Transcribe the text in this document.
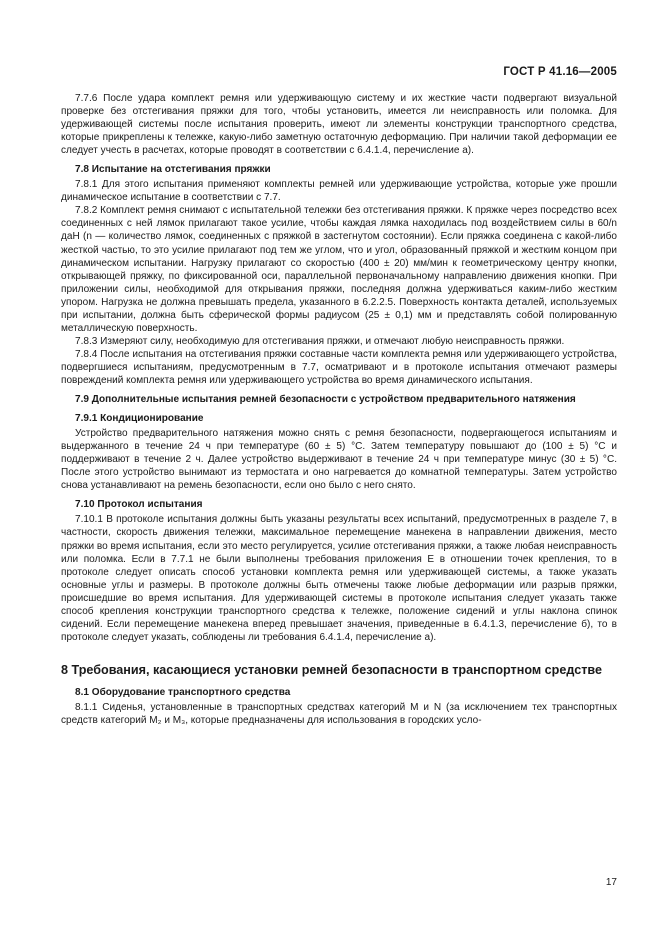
ГОСТ Р 41.16—2005

7.7.6 После удара комплект ремня или удерживающую систему и их жесткие части подвергают визуальной проверке без отстегивания пряжки для того, чтобы установить, имеется ли неисправность или поломка. Для удерживающей системы после испытания проверить, имеют ли элементы конструкции транспортного средства, которые прикреплены к тележке, какую-либо заметную остаточную деформацию. При наличии такой деформации ее следует учесть в расчетах, которые проводят в соответствии с 6.4.1.4, перечисление а).

7.8 Испытание на отстегивания пряжки

7.8.1 Для этого испытания применяют комплекты ремней или удерживающие устройства, которые уже прошли динамическое испытание в соответствии с 7.7.

7.8.2 Комплект ремня снимают с испытательной тележки без отстегивания пряжки. К пряжке через посредство всех соединенных с ней лямок прилагают такое усилие, чтобы каждая лямка находилась под воздействием силы в 60/n даН (n — количество лямок, соединенных с пряжкой в застегнутом состоянии). Если пряжка соединена с какой-либо жесткой частью, то это усилие прилагают под тем же углом, что и угол, образованный пряжкой и жестким концом при динамическом испытании. Нагрузку прилагают со скоростью (400 ± 20) мм/мин к геометрическому центру кнопки, открывающей пряжку, по фиксированной оси, параллельной первоначальному направлению движения кнопки. При приложении силы, необходимой для открывания пряжки, последняя должна удерживаться каким-либо жестким упором. Нагрузка не должна превышать предела, указанного в 6.2.2.5. Поверхность контакта деталей, используемых при испытании, должна быть сферической формы радиусом (25 ± 0,1) мм и представлять собой полированную металлическую поверхность.

7.8.3 Измеряют силу, необходимую для отстегивания пряжки, и отмечают любую неисправность пряжки.

7.8.4 После испытания на отстегивания пряжки составные части комплекта ремня или удерживающего устройства, подвергшиеся испытаниям, предусмотренным в 7.7, осматривают и в протоколе испытания отмечают размеры повреждений комплекта ремня или удерживающего устройства во время динамического испытания.

7.9 Дополнительные испытания ремней безопасности с устройством предварительного натяжения

7.9.1 Кондиционирование

Устройство предварительного натяжения можно снять с ремня безопасности, подвергающегося испытаниям и выдержанного в течение 24 ч при температуре (60 ± 5) °С. Затем температуру повышают до (100 ± 5) °С и поддерживают в течение 2 ч. Далее устройство выдерживают в течение 24 ч при температуре минус (30 ± 5) °С. После этого устройство вынимают из термостата и оно нагревается до комнатной температуры. Затем устройство снова устанавливают на ремень безопасности, если оно было с него снято.

7.10 Протокол испытания

7.10.1 В протоколе испытания должны быть указаны результаты всех испытаний, предусмотренных в разделе 7, в частности, скорость движения тележки, максимальное перемещение манекена в направлении движения, место пряжки во время испытания, если это место регулируется, усилие отстегивания пряжки, а также любая неисправность или поломка. Если в 7.7.1 не были выполнены требования приложения Е в отношении точек крепления, то в протоколе следует описать способ установки комплекта ремня или удерживающей системы, а также указать основные углы и размеры. В протоколе должны быть отмечены также любые деформации или разрыв пряжки, происшедшие во время испытания. Для удерживающей системы в протоколе испытания следует указать также способ крепления конструкции транспортного средства к тележке, положение сидений и углы наклона спинок сидений. Если перемещение манекена вперед превышает значения, приведенные в 6.4.1.3, перечисление б), то в протоколе следует указать, соблюдены ли требования 6.4.1.4, перечисление а).

8 Требования, касающиеся установки ремней безопасности в транспортном средстве

8.1 Оборудование транспортного средства

8.1.1 Сиденья, установленные в транспортных средствах категорий М и N (за исключением тех транспортных средств категорий М₂ и М₃, которые предназначены для использования в городских усло-

17
